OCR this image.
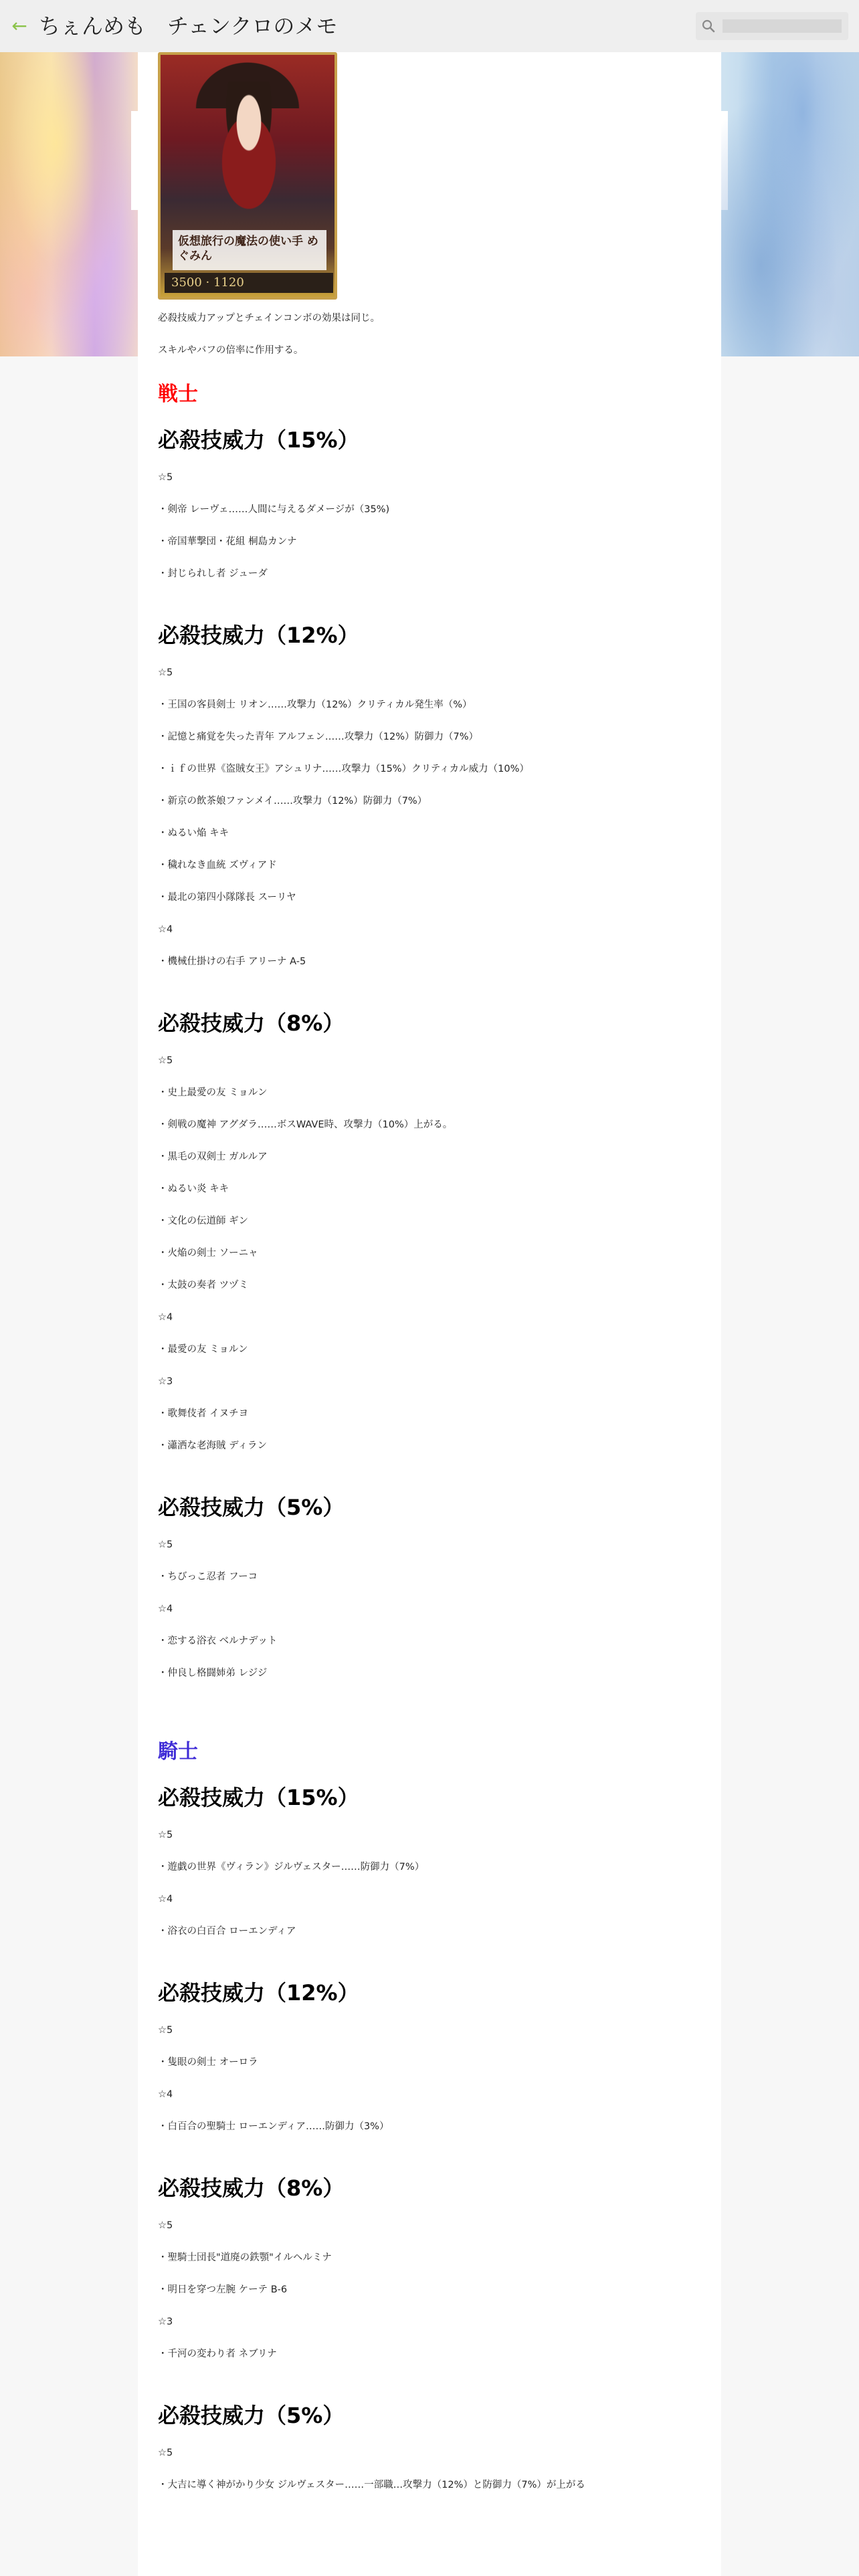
← ちぇんめも　チェンクロのメモ
仮想旅行の魔法の使い手 めぐみん
3500 · 1120

必殺技威力アップとチェインコンボの効果は同じ。

スキルやバフの倍率に作用する。

戦士
必殺技威力（15%）

☆5

・剣帝 レーヴェ……人間に与えるダメージが（35%)

・帝国華撃団・花組 桐島カンナ

・封じられし者 ジューダ

必殺技威力（12%）

☆5

・王国の客員剣士 リオン……攻撃力（12%）クリティカル発生率（%）

・記憶と痛覚を失った青年 アルフェン……攻撃力（12%）防御力（7%）

・ｉｆの世界《盗賊女王》アシュリナ……攻撃力（15%）クリティカル威力（10%）

・新京の飲茶娘ファンメイ……攻撃力（12%）防御力（7%）

・ぬるい焔 キキ

・穢れなき血統 ズヴィアド

・最北の第四小隊隊長 スーリヤ

☆4

・機械仕掛けの右手 アリーナ A-5

必殺技威力（8%）

☆5

・史上最愛の友 ミョルン

・剣戦の魔神 アグダラ……ボスWAVE時、攻撃力（10%）上がる。

・黒毛の双剣士 ガルルア

・ぬるい炎 キキ

・文化の伝道師 ギン

・火焔の剣士 ソーニャ

・太鼓の奏者 ツヅミ

☆4

・最愛の友 ミョルン

☆3

・歌舞伎者 イヌチヨ

・瀟洒な老海賊 ディラン

必殺技威力（5%）

☆5

・ちびっこ忍者 フーコ

☆4

・恋する浴衣 ベルナデット

・仲良し格闘姉弟 レジジ

騎士
必殺技威力（15%）

☆5

・遊戯の世界《ヴィラン》ジルヴェスター……防御力（7%）

☆4

・浴衣の白百合 ローエンディア

必殺技威力（12%）

☆5

・隻眼の剣士 オーロラ

☆4

・白百合の聖騎士 ローエンディア……防御力（3%）

必殺技威力（8%）

☆5

・聖騎士団長"道廃の鉄顎"イルヘルミナ

・明日を穿つ左腕 ケーテ B-6

☆3

・千河の変わり者 ネブリナ

必殺技威力（5%）

☆5

・大吉に導く神がかり少女 ジルヴェスター……一部職…攻撃力（12%）と防御力（7%）が上がる
